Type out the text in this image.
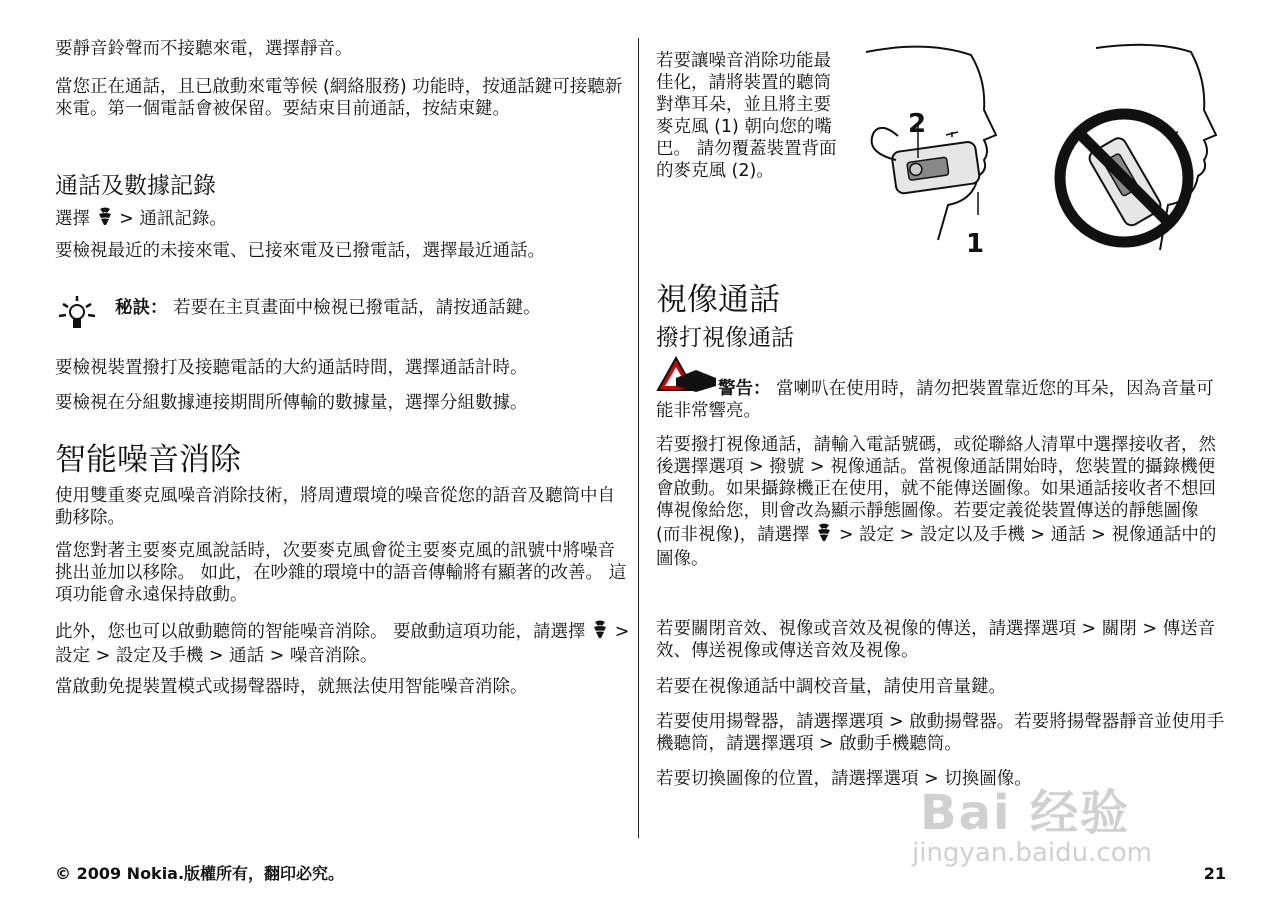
要靜音鈴聲而不接聽來電，選擇靜音。

當您正在通話，且已啟動來電等候 (網絡服務) 功能時，按通話鍵可接聽新來電。第一個電話會被保留。要結束目前通話，按結束鍵。

通話及數據記錄

選擇  > 通訊記錄。

要檢視最近的未接來電、已接來電及已撥電話，選擇最近通話。

秘訣： 若要在主頁畫面中檢視已撥電話，請按通話鍵。

要檢視裝置撥打及接聽電話的大約通話時間，選擇通話計時。

要檢視在分組數據連接期間所傳輸的數據量，選擇分組數據。

智能噪音消除

使用雙重麥克風噪音消除技術，將周遭環境的噪音從您的語音及聽筒中自動移除。

當您對著主要麥克風說話時，次要麥克風會從主要麥克風的訊號中將噪音挑出並加以移除。 如此，在吵雜的環境中的語音傳輸將有顯著的改善。 這項功能會永遠保持啟動。

此外，您也可以啟動聽筒的智能噪音消除。 要啟動這項功能，請選擇  > 設定 > 設定及手機 > 通話 > 噪音消除。

當啟動免提裝置模式或揚聲器時，就無法使用智能噪音消除。

若要讓噪音消除功能最佳化，請將裝置的聽筒對準耳朵，並且將主要麥克風 (1) 朝向您的嘴巴。 請勿覆蓋裝置背面的麥克風 (2)。

2
1
視像通話
撥打視像通話

警告： 當喇叭在使用時，請勿把裝置靠近您的耳朵，因為音量可能非常響亮。

若要撥打視像通話，請輸入電話號碼，或從聯絡人清單中選擇接收者，然後選擇選項 > 撥號 > 視像通話。當視像通話開始時，您裝置的攝錄機便會啟動。如果攝錄機正在使用，就不能傳送圖像。如果通話接收者不想回傳視像給您，則會改為顯示靜態圖像。若要定義從裝置傳送的靜態圖像 (而非視像)，請選擇  > 設定 > 設定以及手機 > 通話 > 視像通話中的圖像。

若要關閉音效、視像或音效及視像的傳送，請選擇選項 > 關閉 > 傳送音效、傳送視像或傳送音效及視像。

若要在視像通話中調校音量，請使用音量鍵。

若要使用揚聲器，請選擇選項 > 啟動揚聲器。若要將揚聲器靜音並使用手機聽筒，請選擇選項 > 啟動手機聽筒。

若要切換圖像的位置，請選擇選項 > 切換圖像。

Bai 经验
jingyan.baidu.com
© 2009 Nokia.版權所有，翻印必究。	21
